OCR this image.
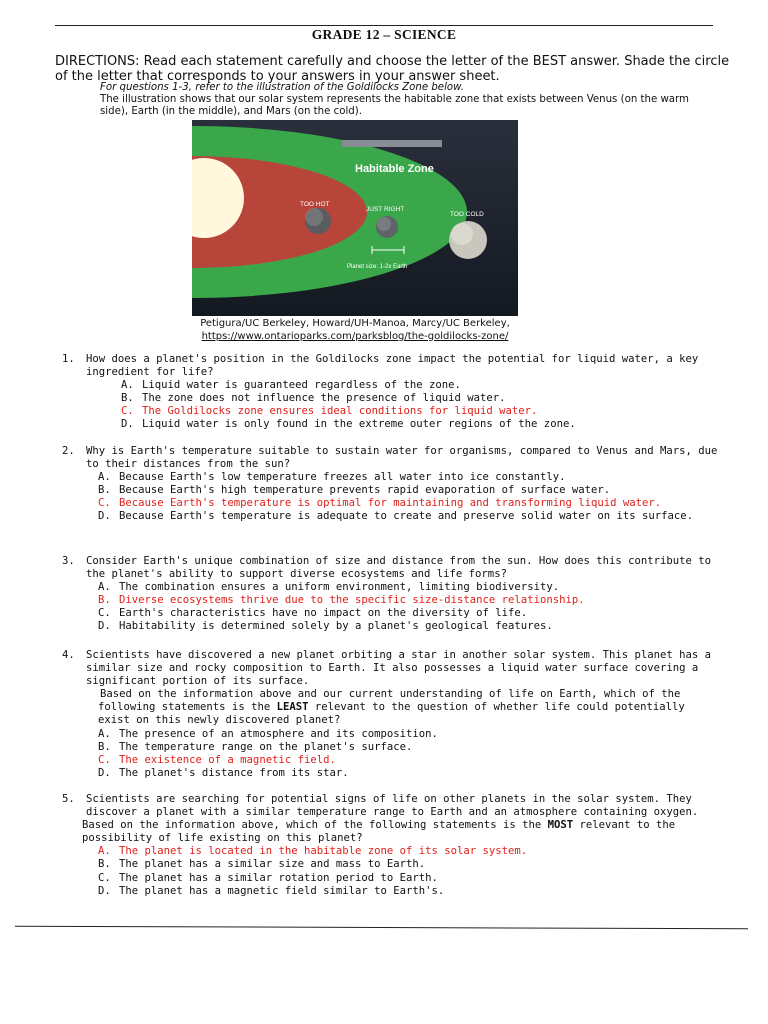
GRADE 12 – SCIENCE
DIRECTIONS: Read each statement carefully and choose the letter of the BEST answer. Shade the circle of the letter that corresponds to your answers in your answer sheet.
For questions 1-3, refer to the illustration of the Goldilocks Zone below.
The illustration shows that our solar system represents the habitable zone that exists between Venus (on the warm side), Earth (in the middle), and Mars (on the cold).
Habitable Zone
TOO HOT
JUST RIGHT
TOO COLD
Planet size: 1-2x Earth
Petigura/UC Berkeley, Howard/UH-Manoa, Marcy/UC Berkeley,
https://www.ontarioparks.com/parksblog/the-goldilocks-zone/
1.	How does a planet's position in the Goldilocks zone impact the potential for liquid water, a key ingredient for life?
A. Liquid water is guaranteed regardless of the zone.
B. The zone does not influence the presence of liquid water.
C. The Goldilocks zone ensures ideal conditions for liquid water.
D. Liquid water is only found in the extreme outer regions of the zone.
2.	Why is Earth's temperature suitable to sustain water for organisms, compared to Venus and Mars, due to their distances from the sun?
A. Because Earth's low temperature freezes all water into ice constantly.
B. Because Earth's high temperature prevents rapid evaporation of surface water.
C. Because Earth's temperature is optimal for maintaining and transforming liquid water.
D. Because Earth's temperature is adequate to create and preserve solid water on its surface.
3.	Consider Earth's unique combination of size and distance from the sun. How does this contribute to the planet's ability to support diverse ecosystems and life forms?
A. The combination ensures a uniform environment, limiting biodiversity.
B. Diverse ecosystems thrive due to the specific size-distance relationship.
C. Earth's characteristics have no impact on the diversity of life.
D. Habitability is determined solely by a planet's geological features.
4.	Scientists have discovered a new planet orbiting a star in another solar system. This planet has a similar size and rocky composition to Earth. It also possesses a liquid water surface covering a significant portion of its surface.
Based on the information above and our current understanding of life on Earth, which of the following statements is the LEAST relevant to the question of whether life could potentially exist on this newly discovered planet?
A. The presence of an atmosphere and its composition.
B. The temperature range on the planet's surface.
C. The existence of a magnetic field.
D. The planet's distance from its star.
5.	Scientists are searching for potential signs of life on other planets in the solar system. They discover a planet with a similar temperature range to Earth and an atmosphere containing oxygen.
Based on the information above, which of the following statements is the MOST relevant to the possibility of life existing on this planet?
A. The planet is located in the habitable zone of its solar system.
B. The planet has a similar size and mass to Earth.
C. The planet has a similar rotation period to Earth.
D. The planet has a magnetic field similar to Earth's.
